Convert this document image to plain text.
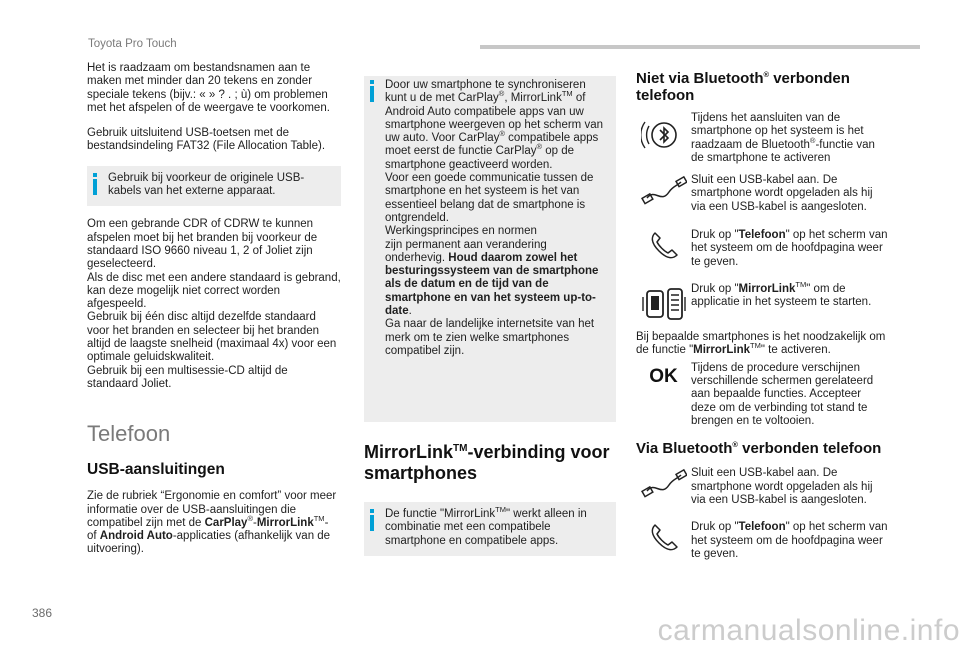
Toyota Pro Touch

Het is raadzaam om bestandsnamen aan te maken met minder dan 20 tekens en zonder speciale tekens (bijv.: « » ? . ; ù) om problemen met het afspelen of de weergave te voorkomen.

Gebruik uitsluitend USB-toetsen met de bestandsindeling FAT32 (File Allocation Table).

Gebruik bij voorkeur de originele USB-kabels van het externe apparaat.

Om een gebrande CDR of CDRW te kunnen afspelen moet bij het branden bij voorkeur de standaard ISO 9660 niveau 1, 2 of Joliet zijn geselecteerd.

Als de disc met een andere standaard is gebrand, kan deze mogelijk niet correct worden afgespeeld.

Gebruik bij één disc altijd dezelfde standaard voor het branden en selecteer bij het branden altijd de laagste snelheid (maximaal 4x) voor een optimale geluidskwaliteit.

Gebruik bij een multisessie-CD altijd de standaard Joliet.

Telefoon
USB-aansluitingen

Zie de rubriek “Ergonomie en comfort” voor meer informatie over de USB-aansluitingen die compatibel zijn met de CarPlay®-MirrorLink™- of Android Auto-applicaties (afhankelijk van de uitvoering).

Door uw smartphone te synchroniseren kunt u de met CarPlay®, MirrorLink™ of Android Auto compatibele apps van uw smartphone weergeven op het scherm van uw auto. Voor CarPlay® compatibele apps moet eerst de functie CarPlay® op de smartphone geactiveerd worden.

Voor een goede communicatie tussen de smartphone en het systeem is het van essentieel belang dat de smartphone is ontgrendeld.

Werkingsprincipes en normen

zijn permanent aan verandering onderhevig. Houd daarom zowel het besturingssysteem van de smartphone als de datum en de tijd van de smartphone en van het systeem up-to-date.

Ga naar de landelijke internetsite van het merk om te zien welke smartphones compatibel zijn.

MirrorLink™-verbinding voor smartphones

De functie "MirrorLink™" werkt alleen in combinatie met een compatibele smartphone en compatibele apps.

Niet via Bluetooth® verbonden telefoon

Tijdens het aansluiten van de smartphone op het systeem is het raadzaam de Bluetooth®-functie van de smartphone te activeren

Sluit een USB-kabel aan. De smartphone wordt opgeladen als hij via een USB-kabel is aangesloten.

Druk op "Telefoon" op het scherm van het systeem om de hoofdpagina weer te geven.

Druk op "MirrorLink™" om de applicatie in het systeem te starten.

Bij bepaalde smartphones is het noodzakelijk om de functie "MirrorLink™" te activeren.

OK Tijdens de procedure verschijnen verschillende schermen gerelateerd aan bepaalde functies. Accepteer deze om de verbinding tot stand te brengen en te voltooien.

Via Bluetooth® verbonden telefoon

Sluit een USB-kabel aan. De smartphone wordt opgeladen als hij via een USB-kabel is aangesloten.

Druk op "Telefoon" op het scherm van het systeem om de hoofdpagina weer te geven.

386
carmanualsonline.info
